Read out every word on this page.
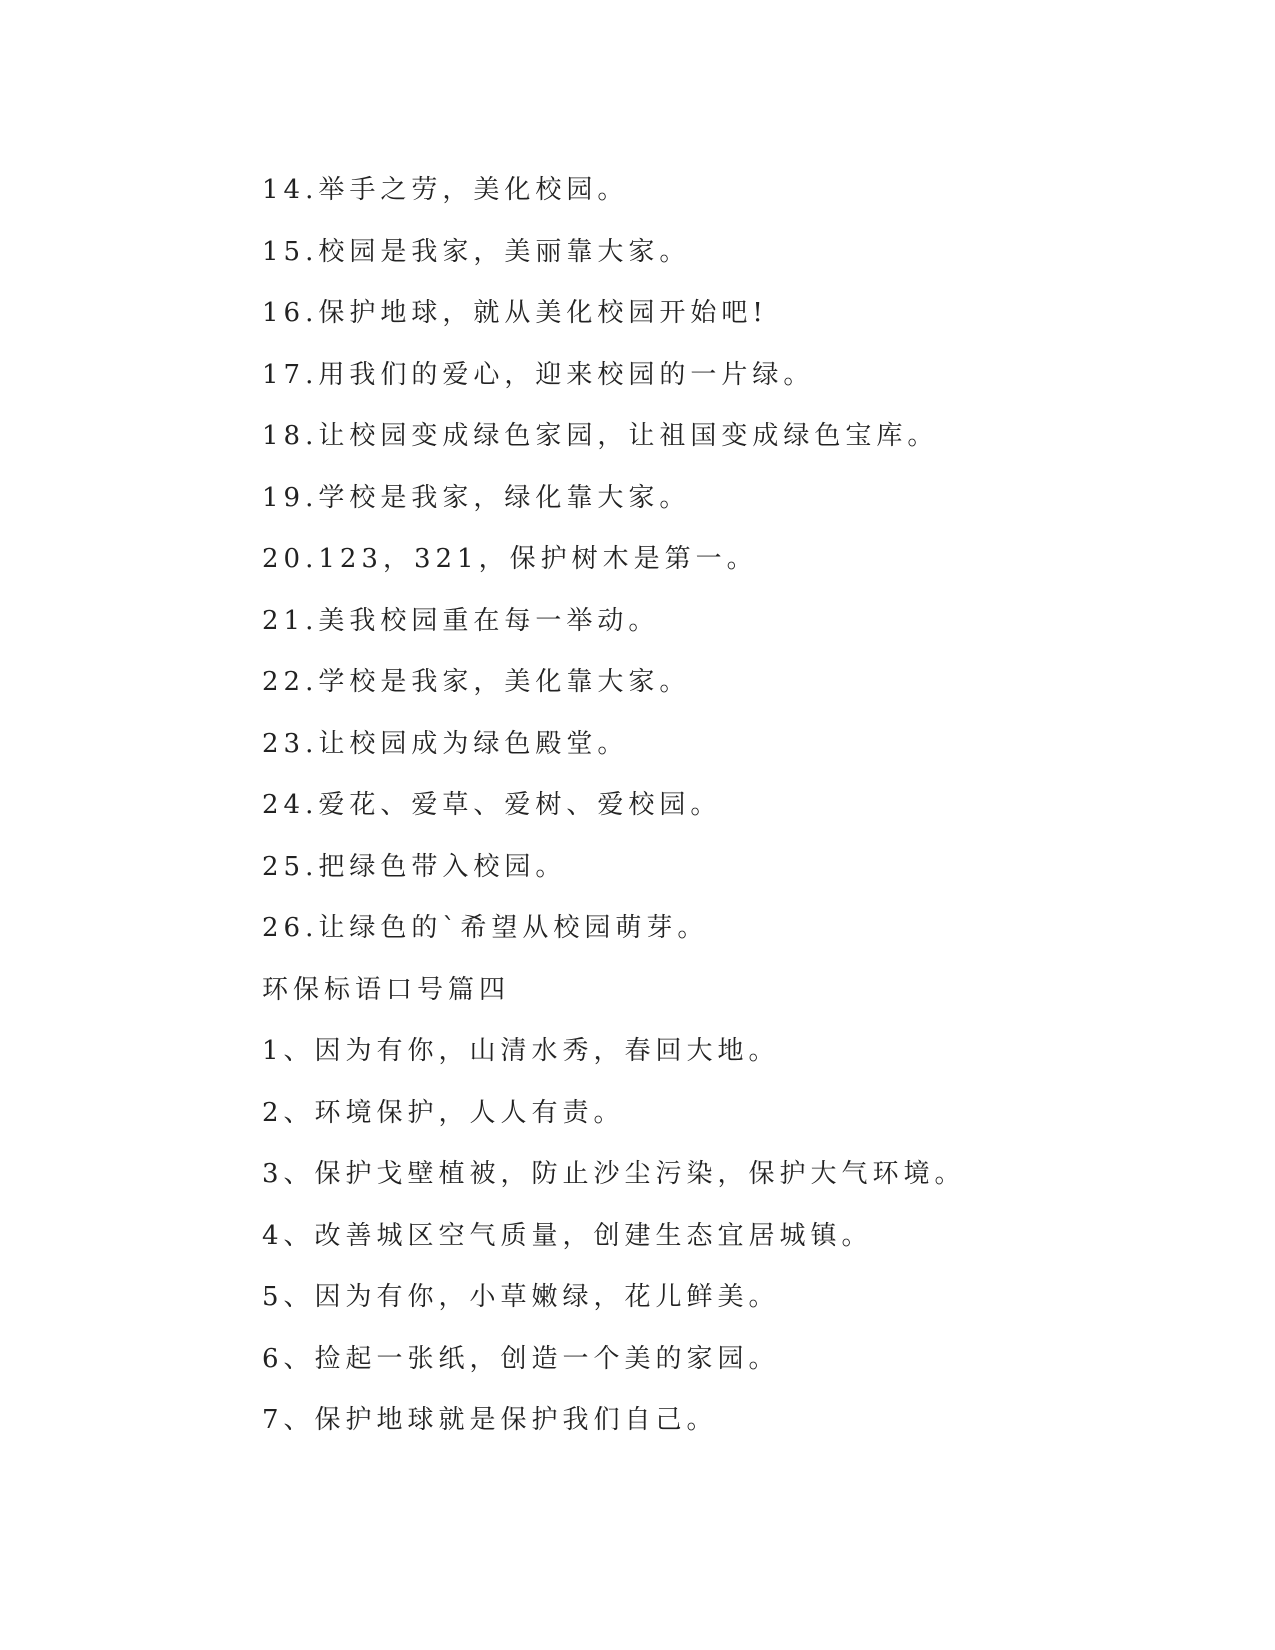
14.举手之劳，美化校园。
15.校园是我家，美丽靠大家。
16.保护地球，就从美化校园开始吧!
17.用我们的爱心，迎来校园的一片绿。
18.让校园变成绿色家园，让祖国变成绿色宝库。
19.学校是我家，绿化靠大家。
20.123，321，保护树木是第一。
21.美我校园重在每一举动。
22.学校是我家，美化靠大家。
23.让校园成为绿色殿堂。
24.爱花、爱草、爱树、爱校园。
25.把绿色带入校园。
26.让绿色的`希望从校园萌芽。
环保标语口号篇四
1、因为有你，山清水秀，春回大地。
2、环境保护，人人有责。
3、保护戈壁植被，防止沙尘污染，保护大气环境。
4、改善城区空气质量，创建生态宜居城镇。
5、因为有你，小草嫩绿，花儿鲜美。
6、捡起一张纸，创造一个美的家园。
7、保护地球就是保护我们自己。
